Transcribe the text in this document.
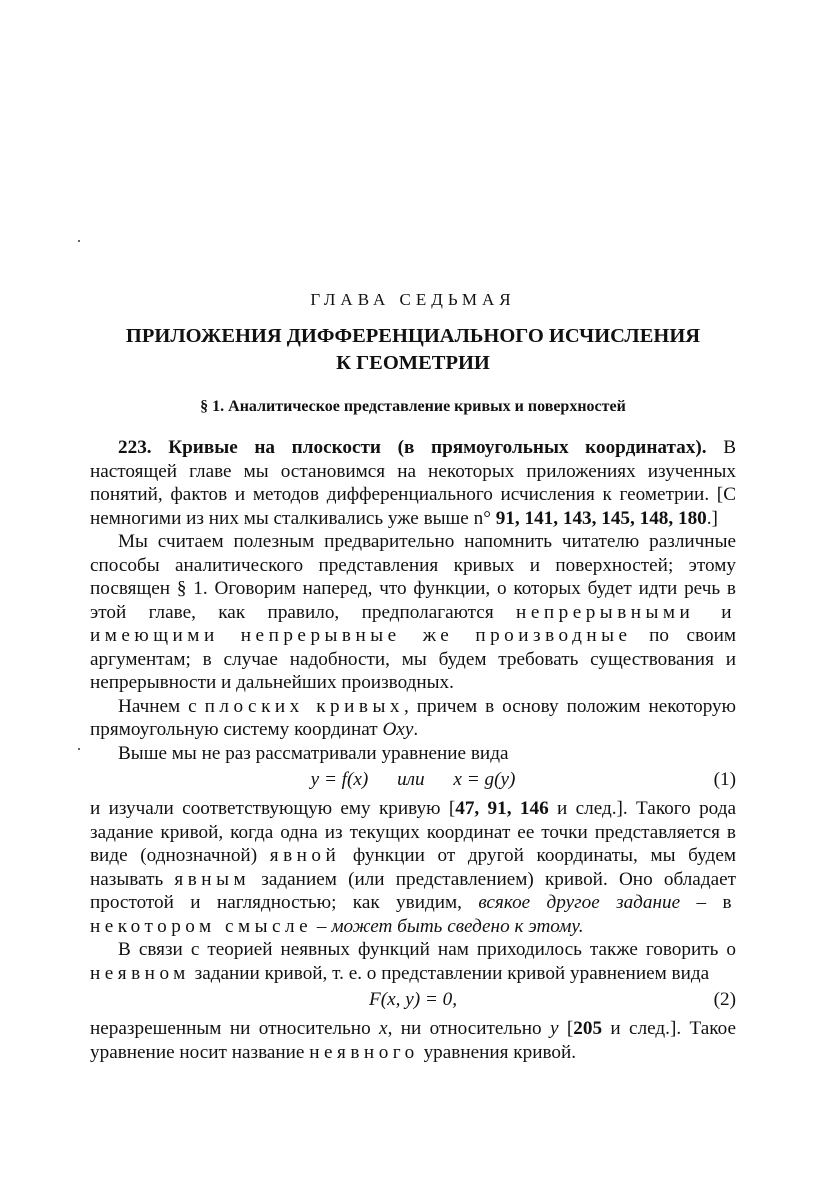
ГЛАВА СЕДЬМАЯ
ПРИЛОЖЕНИЯ ДИФФЕРЕНЦИАЛЬНОГО ИСЧИСЛЕНИЯ
К ГЕОМЕТРИИ
§ 1. Аналитическое представление кривых и поверхностей

223. Кривые на плоскости (в прямоугольных координатах). В настоящей главе мы остановимся на некоторых приложениях изученных понятий, фактов и методов дифференциального исчисления к геометрии. [С немногими из них мы сталкивались уже выше n° 91, 141, 143, 145, 148, 180.]

Мы считаем полезным предварительно напомнить читателю различные способы аналитического представления кривых и поверхностей; этому посвящен § 1. Оговорим наперед, что функции, о которых будет идти речь в этой главе, как правило, предполагаются непрерывными и имеющими непрерывные же производные по своим аргументам; в случае надобности, мы будем требовать существования и непрерывности и дальнейших производных.

Начнем с плоских кривых, причем в основу положим некоторую прямоугольную систему координат Oxy.

Выше мы не раз рассматривали уравнение вида

y = f(x)      или      x = g(y)	(1)

и изучали соответствующую ему кривую [47, 91, 146 и след.]. Такого рода задание кривой, когда одна из текущих координат ее точки представляется в виде (однозначной) явной функции от другой координаты, мы будем называть явным заданием (или представлением) кривой. Оно обладает простотой и наглядностью; как увидим, всякое другое задание – в некотором смысле – может быть сведено к этому.

В связи с теорией неявных функций нам приходилось также говорить о неявном задании кривой, т. е. о представлении кривой уравнением вида

F(x, y) = 0,	(2)

неразрешенным ни относительно x, ни относительно y [205 и след.]. Такое уравнение носит название неявного уравнения кривой.
